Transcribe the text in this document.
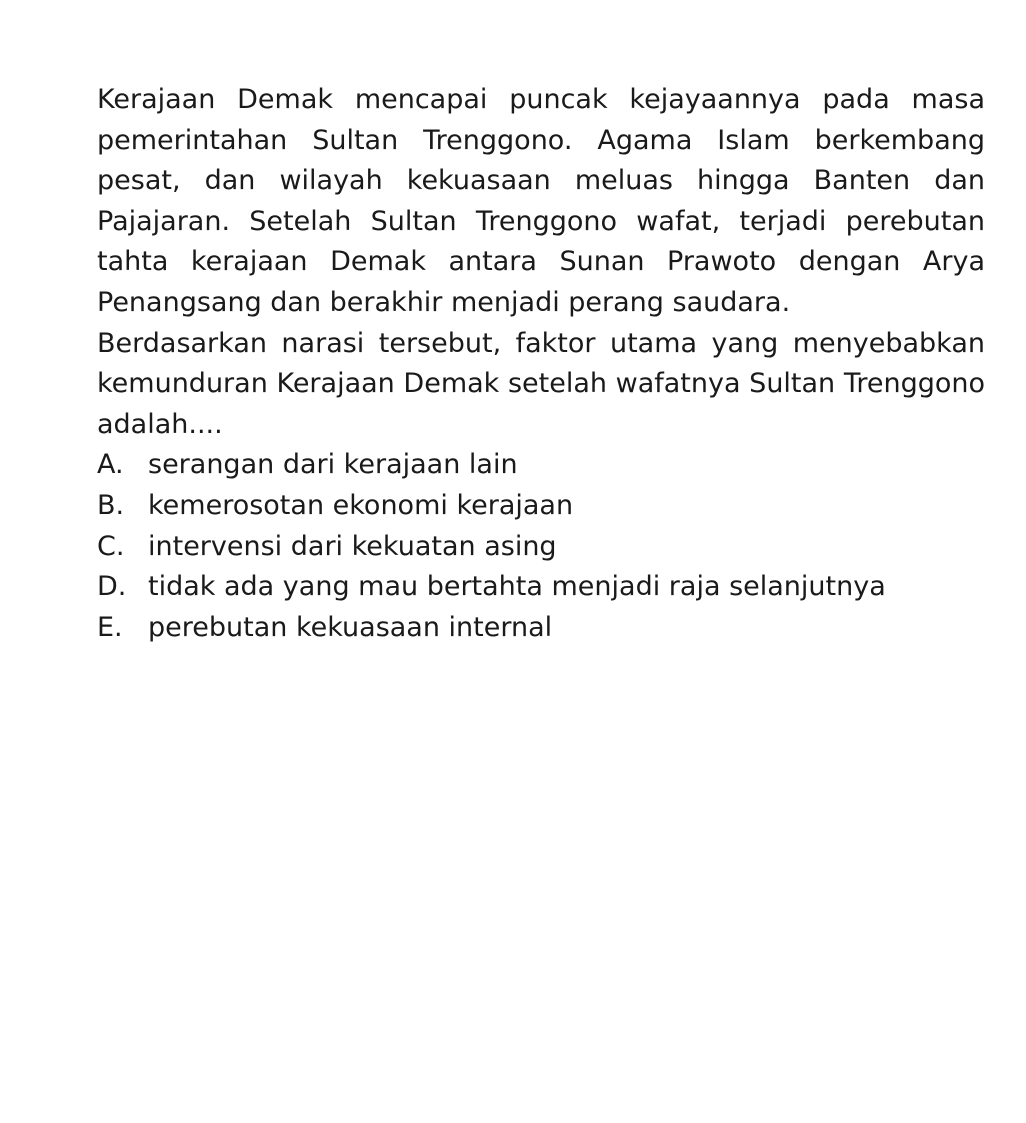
Kerajaan Demak mencapai puncak kejayaannya pada masa pemerintahan Sultan Trenggono. Agama Islam berkembang pesat, dan wilayah kekuasaan meluas hingga Banten dan Pajajaran. Setelah Sultan Trenggono wafat, terjadi perebutan tahta kerajaan Demak antara Sunan Prawoto dengan Arya Penangsang dan berakhir menjadi perang saudara.

Berdasarkan narasi tersebut, faktor utama yang menyebabkan kemunduran Kerajaan Demak setelah wafatnya Sultan Trenggono adalah....

A. serangan dari kerajaan lain
B. kemerosotan ekonomi kerajaan
C. intervensi dari kekuatan asing
D. tidak ada yang mau bertahta menjadi raja selanjutnya
E. perebutan kekuasaan internal
